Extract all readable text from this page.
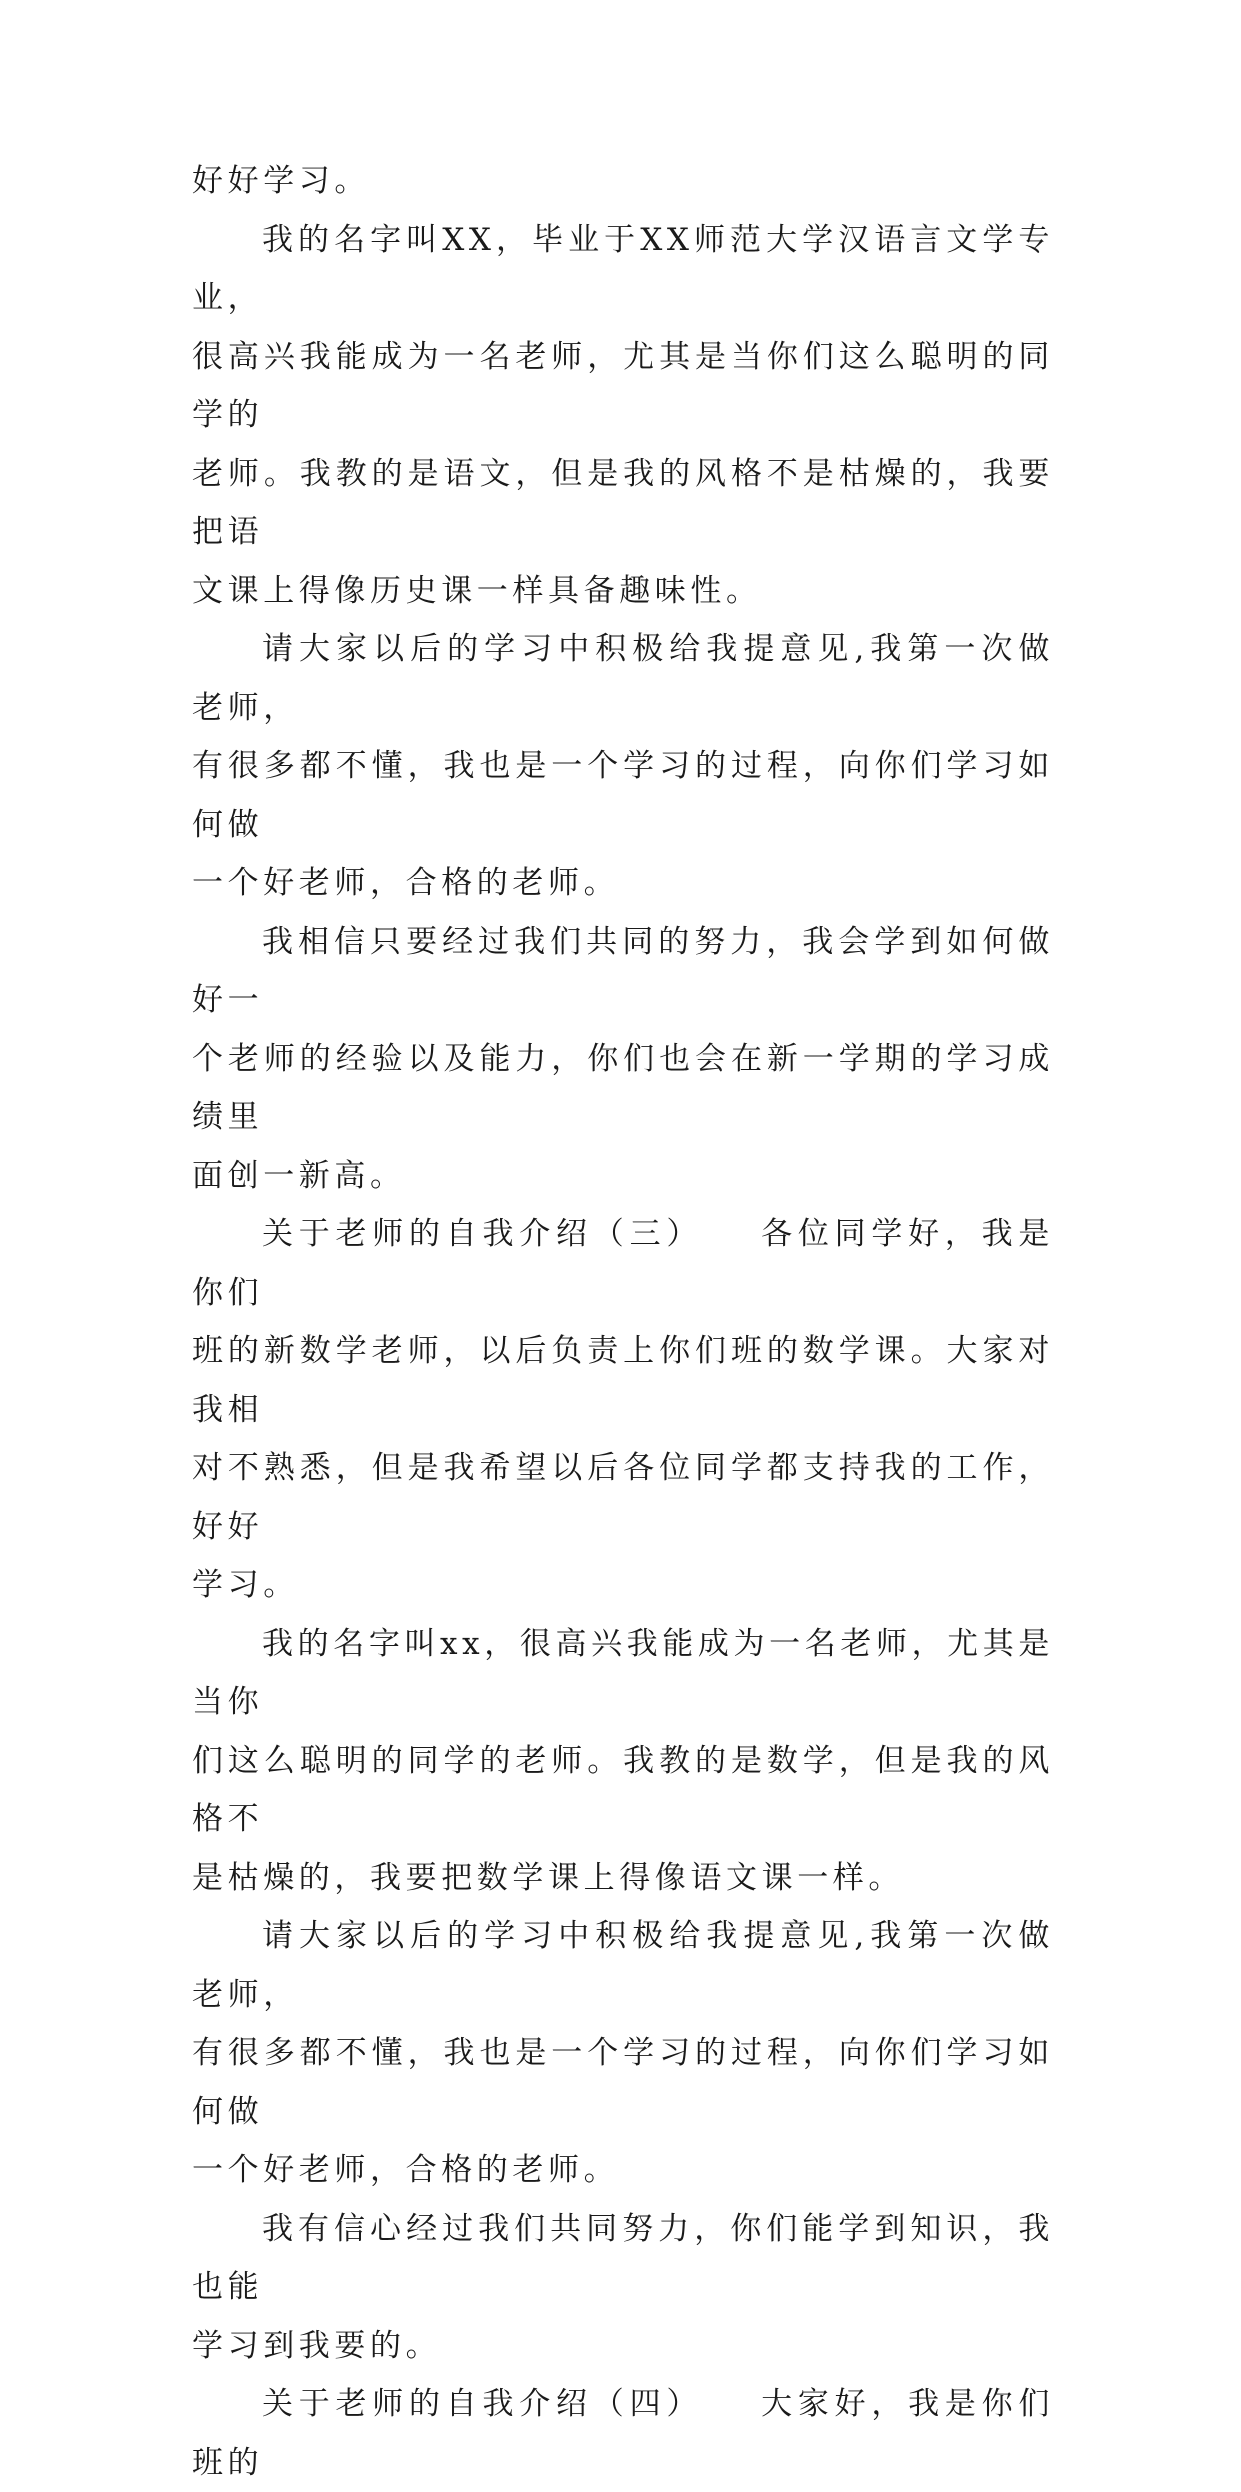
好好学习。

我的名字叫XX，毕业于XX师范大学汉语言文学专业，
很高兴我能成为一名老师，尤其是当你们这么聪明的同学的
老师。我教的是语文，但是我的风格不是枯燥的，我要把语
文课上得像历史课一样具备趣味性。

请大家以后的学习中积极给我提意见,我第一次做老师，
有很多都不懂，我也是一个学习的过程，向你们学习如何做
一个好老师，合格的老师。

我相信只要经过我们共同的努力，我会学到如何做好一
个老师的经验以及能力，你们也会在新一学期的学习成绩里
面创一新高。

关于老师的自我介绍（三）　　各位同学好，我是你们
班的新数学老师，以后负责上你们班的数学课。大家对我相
对不熟悉，但是我希望以后各位同学都支持我的工作，好好
学习。

我的名字叫xx，很高兴我能成为一名老师，尤其是当你
们这么聪明的同学的老师。我教的是数学，但是我的风格不
是枯燥的，我要把数学课上得像语文课一样。

请大家以后的学习中积极给我提意见,我第一次做老师，
有很多都不懂，我也是一个学习的过程，向你们学习如何做
一个好老师，合格的老师。

我有信心经过我们共同努力，你们能学到知识，我也能
学习到我要的。

关于老师的自我介绍（四）　　大家好，我是你们班的
